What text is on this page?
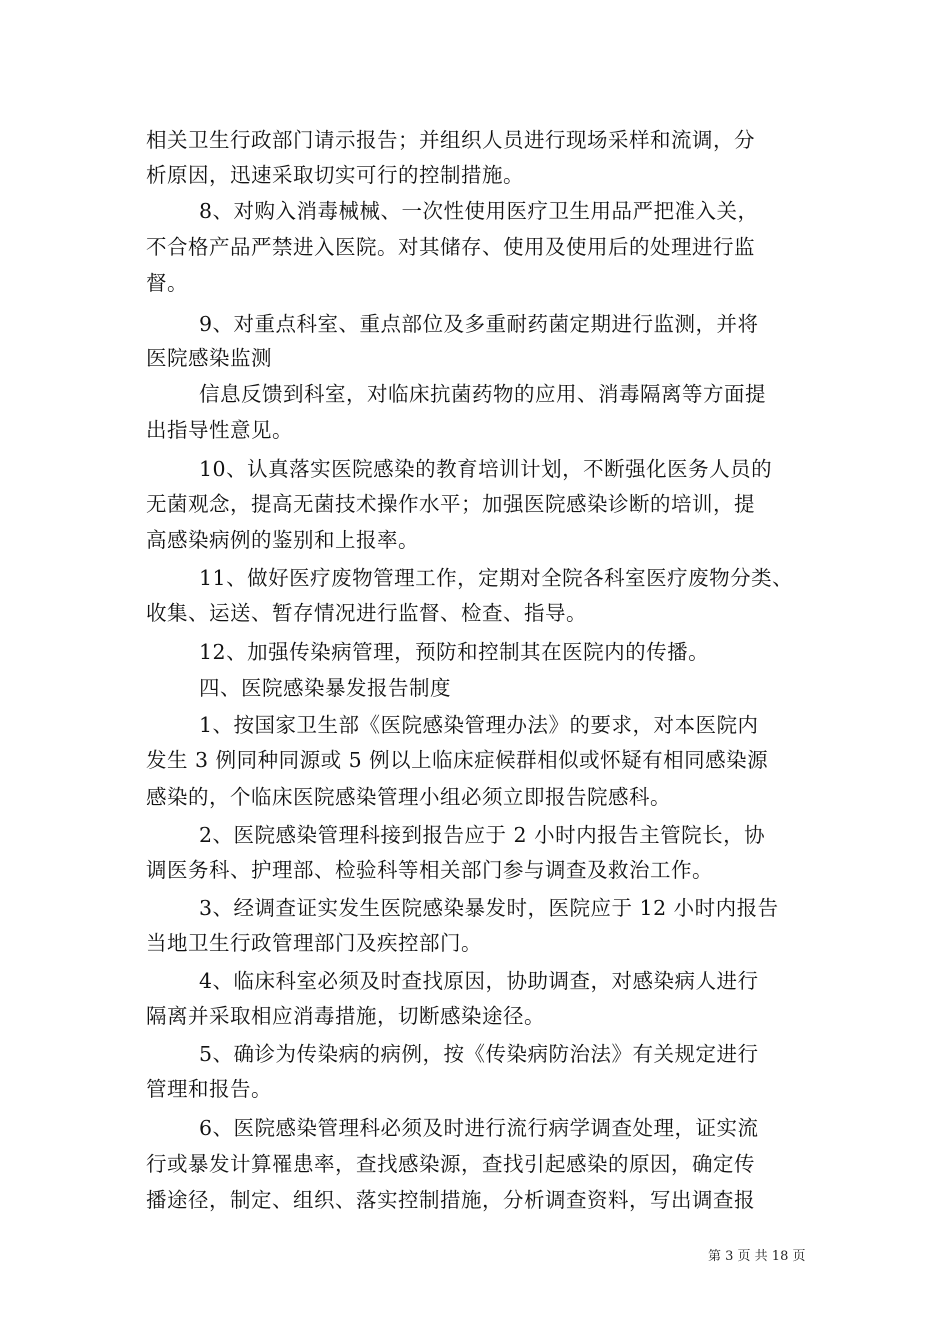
相关卫生行政部门请示报告；并组织人员进行现场采样和流调，分
析原因，迅速采取切实可行的控制措施。
8、对购入消毒械械、一次性使用医疗卫生用品严把准入关，
不合格产品严禁进入医院。对其储存、使用及使用后的处理进行监
督。
9、对重点科室、重点部位及多重耐药菌定期进行监测，并将
医院感染监测
信息反馈到科室，对临床抗菌药物的应用、消毒隔离等方面提
出指导性意见。
10、认真落实医院感染的教育培训计划，不断强化医务人员的
无菌观念，提高无菌技术操作水平；加强医院感染诊断的培训，提
高感染病例的鉴别和上报率。
11、做好医疗废物管理工作，定期对全院各科室医疗废物分类、
收集、运送、暂存情况进行监督、检查、指导。
12、加强传染病管理，预防和控制其在医院内的传播。
四、医院感染暴发报告制度
1、按国家卫生部《医院感染管理办法》的要求，对本医院内
发生 3 例同种同源或 5 例以上临床症候群相似或怀疑有相同感染源
感染的，个临床医院感染管理小组必须立即报告院感科。
2、医院感染管理科接到报告应于 2 小时内报告主管院长，协
调医务科、护理部、检验科等相关部门参与调查及救治工作。
3、经调查证实发生医院感染暴发时，医院应于 12 小时内报告
当地卫生行政管理部门及疾控部门。
4、临床科室必须及时查找原因，协助调查，对感染病人进行
隔离并采取相应消毒措施，切断感染途径。
5、确诊为传染病的病例，按《传染病防治法》有关规定进行
管理和报告。
6、医院感染管理科必须及时进行流行病学调查处理，证实流
行或暴发计算罹患率，查找感染源，查找引起感染的原因，确定传
播途径，制定、组织、落实控制措施，分析调查资料，写出调查报
第 3 页 共 18 页
